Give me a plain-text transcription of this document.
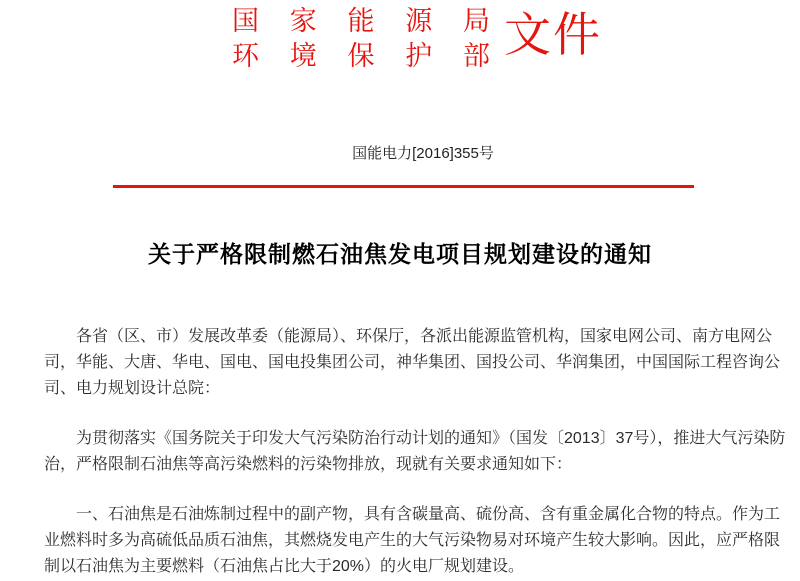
国家能源局
环境保护部 文件
国能电力[2016]355号
关于严格限制燃石油焦发电项目规划建设的通知

各省（区、市）发展改革委（能源局）、环保厅，各派出能源监管机构，国家电网公司、南方电网公司，华能、大唐、华电、国电、国电投集团公司，神华集团、国投公司、华润集团，中国国际工程咨询公司、电力规划设计总院：

为贯彻落实《国务院关于印发大气污染防治行动计划的通知》（国发〔2013〕37号），推进大气污染防治，严格限制石油焦等高污染燃料的污染物排放，现就有关要求通知如下：

一、石油焦是石油炼制过程中的副产物，具有含碳量高、硫份高、含有重金属化合物的特点。作为工业燃料时多为高硫低品质石油焦，其燃烧发电产生的大气污染物易对环境产生较大影响。因此，应严格限制以石油焦为主要燃料（石油焦占比大于20%）的火电厂规划建设。
